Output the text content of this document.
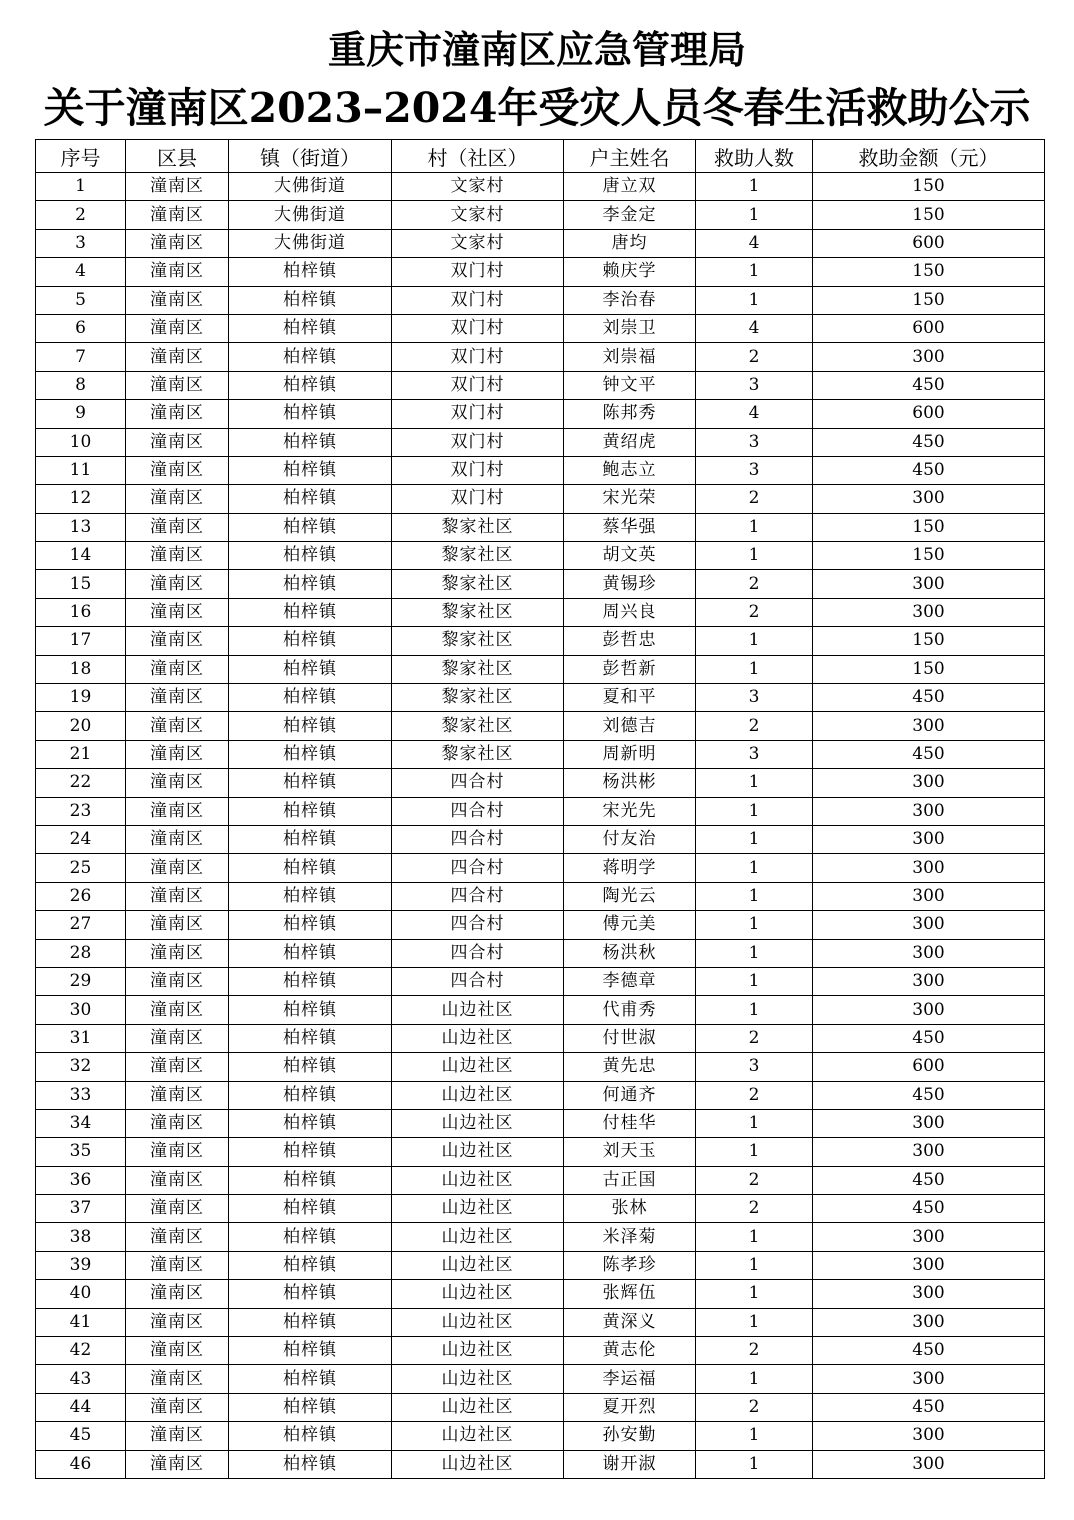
重庆市潼南区应急管理局
关于潼南区2023–2024年受灾人员冬春生活救助公示
序号	区县	镇（街道）	村（社区）	户主姓名	救助人数	救助金额（元）
1	潼南区	大佛街道	文家村	唐立双	1	150
2	潼南区	大佛街道	文家村	李金定	1	150
3	潼南区	大佛街道	文家村	唐均	4	600
4	潼南区	柏梓镇	双门村	赖庆学	1	150
5	潼南区	柏梓镇	双门村	李治春	1	150
6	潼南区	柏梓镇	双门村	刘崇卫	4	600
7	潼南区	柏梓镇	双门村	刘崇福	2	300
8	潼南区	柏梓镇	双门村	钟文平	3	450
9	潼南区	柏梓镇	双门村	陈邦秀	4	600
10	潼南区	柏梓镇	双门村	黄绍虎	3	450
11	潼南区	柏梓镇	双门村	鲍志立	3	450
12	潼南区	柏梓镇	双门村	宋光荣	2	300
13	潼南区	柏梓镇	黎家社区	蔡华强	1	150
14	潼南区	柏梓镇	黎家社区	胡文英	1	150
15	潼南区	柏梓镇	黎家社区	黄锡珍	2	300
16	潼南区	柏梓镇	黎家社区	周兴良	2	300
17	潼南区	柏梓镇	黎家社区	彭哲忠	1	150
18	潼南区	柏梓镇	黎家社区	彭哲新	1	150
19	潼南区	柏梓镇	黎家社区	夏和平	3	450
20	潼南区	柏梓镇	黎家社区	刘德吉	2	300
21	潼南区	柏梓镇	黎家社区	周新明	3	450
22	潼南区	柏梓镇	四合村	杨洪彬	1	300
23	潼南区	柏梓镇	四合村	宋光先	1	300
24	潼南区	柏梓镇	四合村	付友治	1	300
25	潼南区	柏梓镇	四合村	蒋明学	1	300
26	潼南区	柏梓镇	四合村	陶光云	1	300
27	潼南区	柏梓镇	四合村	傅元美	1	300
28	潼南区	柏梓镇	四合村	杨洪秋	1	300
29	潼南区	柏梓镇	四合村	李德章	1	300
30	潼南区	柏梓镇	山边社区	代甫秀	1	300
31	潼南区	柏梓镇	山边社区	付世淑	2	450
32	潼南区	柏梓镇	山边社区	黄先忠	3	600
33	潼南区	柏梓镇	山边社区	何通齐	2	450
34	潼南区	柏梓镇	山边社区	付桂华	1	300
35	潼南区	柏梓镇	山边社区	刘天玉	1	300
36	潼南区	柏梓镇	山边社区	古正国	2	450
37	潼南区	柏梓镇	山边社区	张林	2	450
38	潼南区	柏梓镇	山边社区	米泽菊	1	300
39	潼南区	柏梓镇	山边社区	陈孝珍	1	300
40	潼南区	柏梓镇	山边社区	张辉伍	1	300
41	潼南区	柏梓镇	山边社区	黄深义	1	300
42	潼南区	柏梓镇	山边社区	黄志伦	2	450
43	潼南区	柏梓镇	山边社区	李运福	1	300
44	潼南区	柏梓镇	山边社区	夏开烈	2	450
45	潼南区	柏梓镇	山边社区	孙安勤	1	300
46	潼南区	柏梓镇	山边社区	谢开淑	1	300
